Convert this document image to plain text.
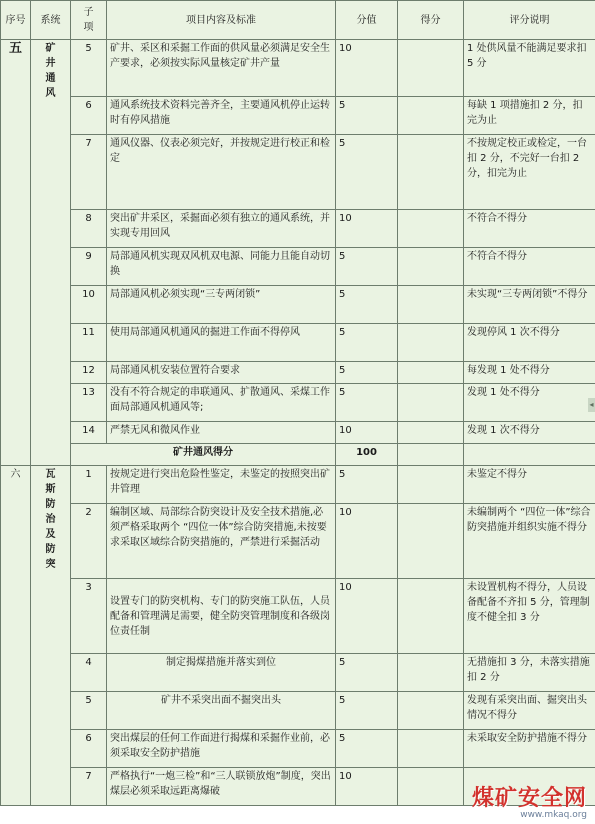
序号	系统	子项	项目内容及标准	分值	得分	评分说明
五	矿井通风	5	矿井、采区和采掘工作面的供风量必须满足安全生产要求，必须按实际风量核定矿井产量	10		1 处供风量不能满足要求扣 5 分
		6	通风系统技术资料完善齐全，主要通风机停止运转时有停风措施	5		每缺 1 项措施扣 2 分，扣完为止
		7	通风仪器、仪表必须完好，并按规定进行校正和检定	5		不按规定校正或检定，一台扣 2 分，不完好一台扣 2 分，扣完为止
		8	突出矿井采区，采掘面必须有独立的通风系统，并实现专用回风	10		不符合不得分
		9	局部通风机实现双风机双电源、同能力且能自动切换	5		不符合不得分
		10	局部通风机必须实现“三专两闭锁”	5		未实现“三专两闭锁”不得分
		11	使用局部通风机通风的掘进工作面不得停风	5		发现停风 1 次不得分
		12	局部通风机安装位置符合要求	5		每发现 1 处不得分
		13	没有不符合规定的串联通风、扩散通风、采煤工作面局部通风机通风等;	5		发现 1 处不得分
		14	严禁无风和微风作业	10		发现 1 次不得分
		矿井通风得分		100		
六	瓦斯防治及防突	1	按规定进行突出危险性鉴定，未鉴定的按照突出矿井管理	5		未鉴定不得分
		2	编制区域、局部综合防突设计及安全技术措施,必须严格采取两个 “四位一体”综合防突措施,未按要求采取区域综合防突措施的，严禁进行采掘活动	10		未编制两个 “四位一体”综合防突措施并组织实施不得分
		3	设置专门的防突机构、专门的防突施工队伍，人员配备和管理满足需要，健全防突管理制度和各级岗位责任制	10		未设置机构不得分，人员设备配备不齐扣 5 分，管理制度不健全扣 3 分
		4	制定揭煤措施并落实到位	5		无措施扣 3 分，未落实措施扣 2 分
		5	矿井不采突出面不掘突出头	5		发现有采突出面、掘突出头情况不得分
		6	突出煤层的任何工作面进行揭煤和采掘作业前，必须采取安全防护措施	5		未采取安全防护措施不得分
		7	严格执行“一炮三检”和“三人联锁放炮”制度，突出煤层必须采取远距离爆破	10		
◂
煤矿安全网
www.mkaq.org
